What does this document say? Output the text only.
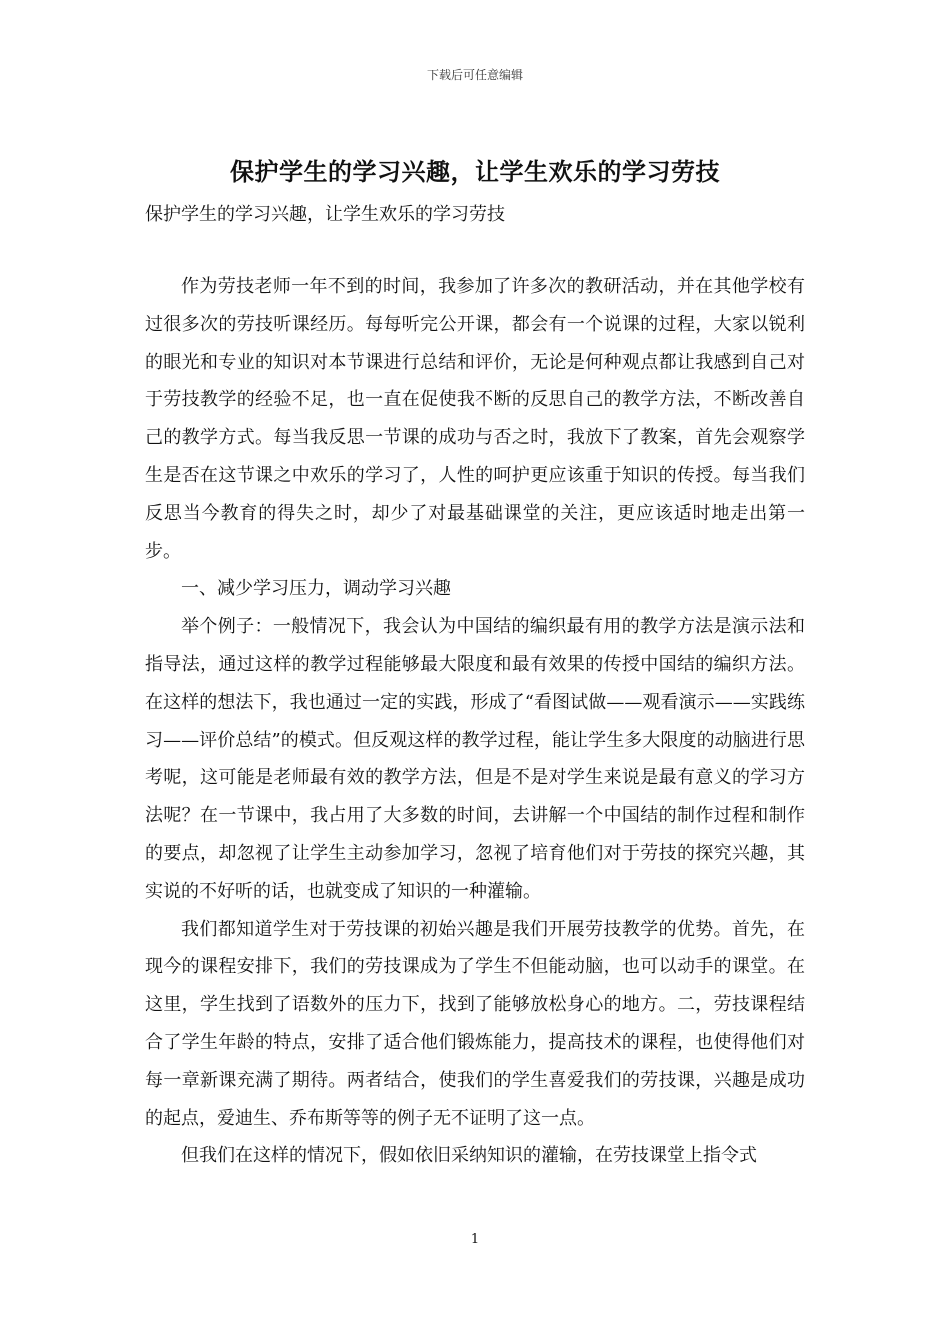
下载后可任意编辑
保护学生的学习兴趣，让学生欢乐的学习劳技
保护学生的学习兴趣，让学生欢乐的学习劳技

作为劳技老师一年不到的时间，我参加了许多次的教研活动，并在其他学校有过很多次的劳技听课经历。每每听完公开课，都会有一个说课的过程，大家以锐利的眼光和专业的知识对本节课进行总结和评价，无论是何种观点都让我感到自己对于劳技教学的经验不足，也一直在促使我不断的反思自己的教学方法，不断改善自己的教学方式。每当我反思一节课的成功与否之时，我放下了教案，首先会观察学生是否在这节课之中欢乐的学习了，人性的呵护更应该重于知识的传授。每当我们反思当今教育的得失之时，却少了对最基础课堂的关注，更应该适时地走出第一步。

一、减少学习压力，调动学习兴趣

举个例子：一般情况下，我会认为中国结的编织最有用的教学方法是演示法和指导法，通过这样的教学过程能够最大限度和最有效果的传授中国结的编织方法。在这样的想法下，我也通过一定的实践，形成了“看图试做——观看演示——实践练习——评价总结”的模式。但反观这样的教学过程，能让学生多大限度的动脑进行思考呢，这可能是老师最有效的教学方法，但是不是对学生来说是最有意义的学习方法呢？在一节课中，我占用了大多数的时间，去讲解一个中国结的制作过程和制作的要点，却忽视了让学生主动参加学习，忽视了培育他们对于劳技的探究兴趣，其实说的不好听的话，也就变成了知识的一种灌输。

我们都知道学生对于劳技课的初始兴趣是我们开展劳技教学的优势。首先，在现今的课程安排下，我们的劳技课成为了学生不但能动脑，也可以动手的课堂。在这里，学生找到了语数外的压力下，找到了能够放松身心的地方。二，劳技课程结合了学生年龄的特点，安排了适合他们锻炼能力，提高技术的课程，也使得他们对每一章新课充满了期待。两者结合，使我们的学生喜爱我们的劳技课，兴趣是成功的起点，爱迪生、乔布斯等等的例子无不证明了这一点。

但我们在这样的情况下，假如依旧采纳知识的灌输，在劳技课堂上指令式

1
